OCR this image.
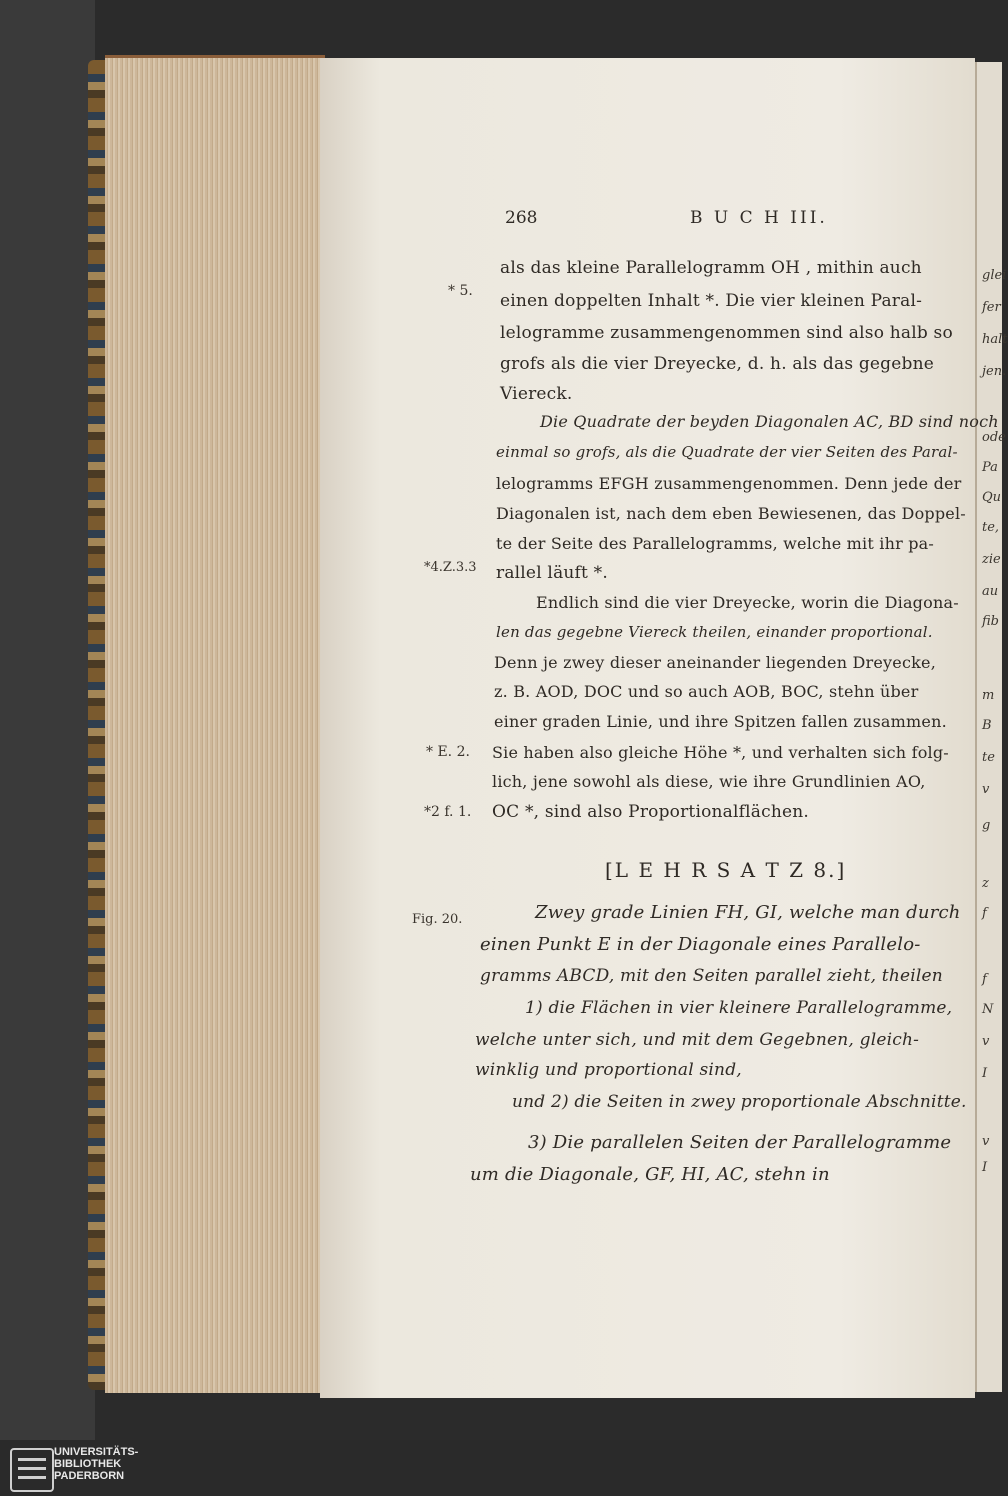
268	B U C H III.
als das kleine Parallelogramm OH , mithin auch
einen doppelten Inhalt *. Die vier kleinen Paral-
lelogramme zusammengenommen sind also halb so
grofs als die vier Dreyecke, d. h. als das gegebne
Viereck.
Die Quadrate der beyden Diagonalen AC, BD sind noch
einmal so grofs, als die Quadrate der vier Seiten des Paral-
lelogramms EFGH zusammengenommen. Denn jede der
Diagonalen ist, nach dem eben Bewiesenen, das Doppel-
te der Seite des Parallelogramms, welche mit ihr pa-
rallel läuft *.
Endlich sind die vier Dreyecke, worin die Diagona-
len das gegebne Viereck theilen, einander proportional.
Denn je zwey dieser aneinander liegenden Dreyecke,
z. B. AOD, DOC und so auch AOB, BOC, stehn über
einer graden Linie, und ihre Spitzen fallen zusammen.
Sie haben also gleiche Höhe *, und verhalten sich folg-
lich, jene sowohl als diese, wie ihre Grundlinien AO,
OC *, sind also Proportionalflächen.
[L E H R S A T Z 8.]
Zwey grade Linien FH, GI, welche man durch
einen Punkt E in der Diagonale eines Parallelo-
gramms ABCD, mit den Seiten parallel zieht, theilen
1) die Flächen in vier kleinere Parallelogramme,
welche unter sich, und mit dem Gegebnen, gleich-
winklig und proportional sind,
und 2) die Seiten in zwey proportionale Abschnitte.
3) Die parallelen Seiten der Parallelogramme
um die Diagonale, GF, HI, AC, stehn in
* 5.
*4.Z.3.3
* E. 2.
*2 f. 1.
Fig. 20.
glei
fer
halt
jen.
ode
Pa
Qu
te,
zie
au
fib
m
B
te
v
g
z
f
f
N
v
I
v
I
UNIVERSITÄTS-
BIBLIOTHEK
PADERBORN
